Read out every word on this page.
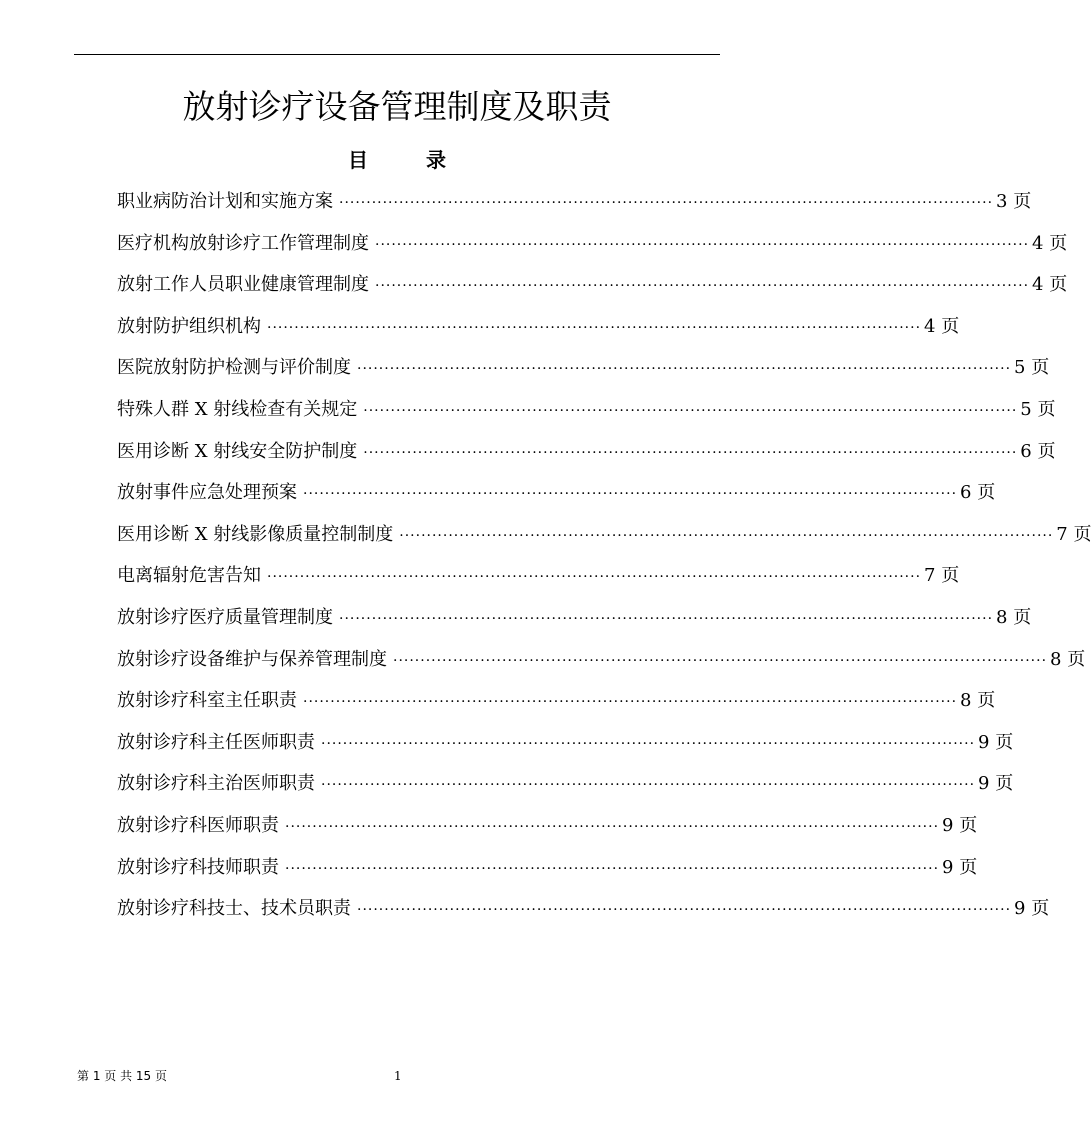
放射诊疗设备管理制度及职责
目	录
职业病防治计划和实施方案 ························································································································ 3 页
医疗机构放射诊疗工作管理制度 ························································································································ 4 页
放射工作人员职业健康管理制度 ························································································································ 4 页
放射防护组织机构 ························································································································ 4 页
医院放射防护检测与评价制度 ························································································································ 5 页
特殊人群 X 射线检查有关规定 ························································································································ 5 页
医用诊断 X 射线安全防护制度 ························································································································ 6 页
放射事件应急处理预案 ························································································································ 6 页
医用诊断 X 射线影像质量控制制度 ························································································································ 7 页
电离辐射危害告知 ························································································································ 7 页
放射诊疗医疗质量管理制度 ························································································································ 8 页
放射诊疗设备维护与保养管理制度 ························································································································ 8 页
放射诊疗科室主任职责 ························································································································ 8 页
放射诊疗科主任医师职责 ························································································································ 9 页
放射诊疗科主治医师职责 ························································································································ 9 页
放射诊疗科医师职责 ························································································································ 9 页
放射诊疗科技师职责 ························································································································ 9 页
放射诊疗科技士、技术员职责 ························································································································ 9 页
第 1 页 共 15 页	1
